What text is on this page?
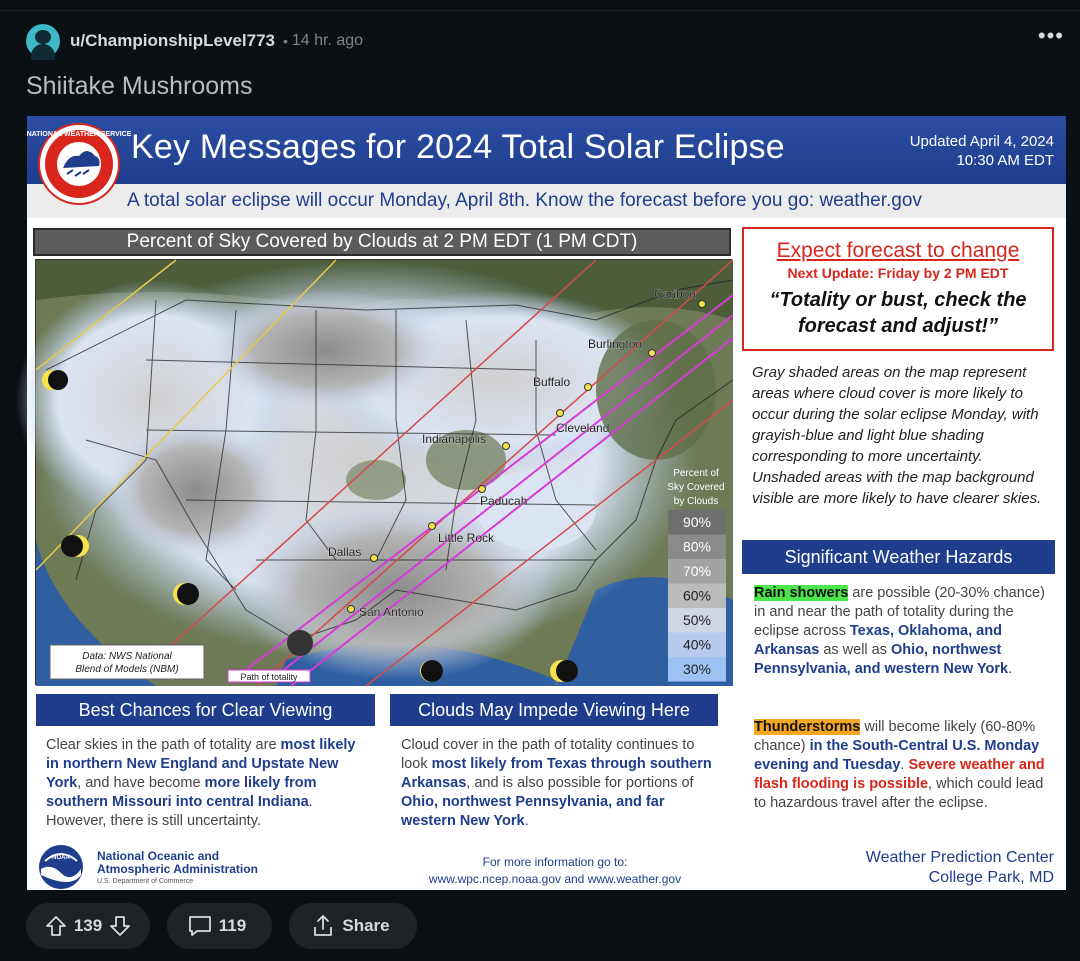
u/ChampionshipLevel773 • 14 hr. ago	•••
Shiitake Mushrooms
Key Messages for 2024 Total Solar Eclipse	Updated April 4, 2024
10:30 AM EDT
A total solar eclipse will occur Monday, April 8th. Know the forecast before you go: weather.gov
NATIONAL WEATHER SERVICE
Percent of Sky Covered by Clouds at 2 PM EDT (1 PM CDT)
Caribou
Burlington
Buffalo
Cleveland
Indianapolis
Paducah
Little Rock
Dallas
San Antonio
Percent of
Sky Covered
by Clouds
90%
80%
70%
60%
50%
40%
30%
Data: NWS National
Blend of Models (NBM)
Path of totality
Expect forecast to change
Next Update: Friday by 2 PM EDT
“Totality or bust, check the
forecast and adjust!”
Gray shaded areas on the map represent areas where cloud cover is more likely to occur during the solar eclipse Monday, with grayish-blue and light blue shading corresponding to more uncertainty. Unshaded areas with the map background visible are more likely to have clearer skies.
Significant Weather Hazards
Rain showers are possible (20-30% chance) in and near the path of totality during the eclipse across Texas, Oklahoma, and Arkansas as well as Ohio, northwest Pennsylvania, and western New York.
Thunderstorms will become likely (60-80% chance) in the South-Central U.S. Monday evening and Tuesday. Severe weather and flash flooding is possible, which could lead to hazardous travel after the eclipse.
Best Chances for Clear Viewing
Clear skies in the path of totality are most likely in northern New England and Upstate New York, and have become more likely from southern Missouri into central Indiana. However, there is still uncertainty.
Clouds May Impede Viewing Here
Cloud cover in the path of totality continues to look most likely from Texas through southern Arkansas, and is also possible for portions of Ohio, northwest Pennsylvania, and far western New York.
NOAA National Oceanic and
Atmospheric Administration
U.S. Department of Commerce
For more information go to:
www.wpc.ncep.noaa.gov and www.weather.gov
Weather Prediction Center
College Park, MD
139	119	Share
